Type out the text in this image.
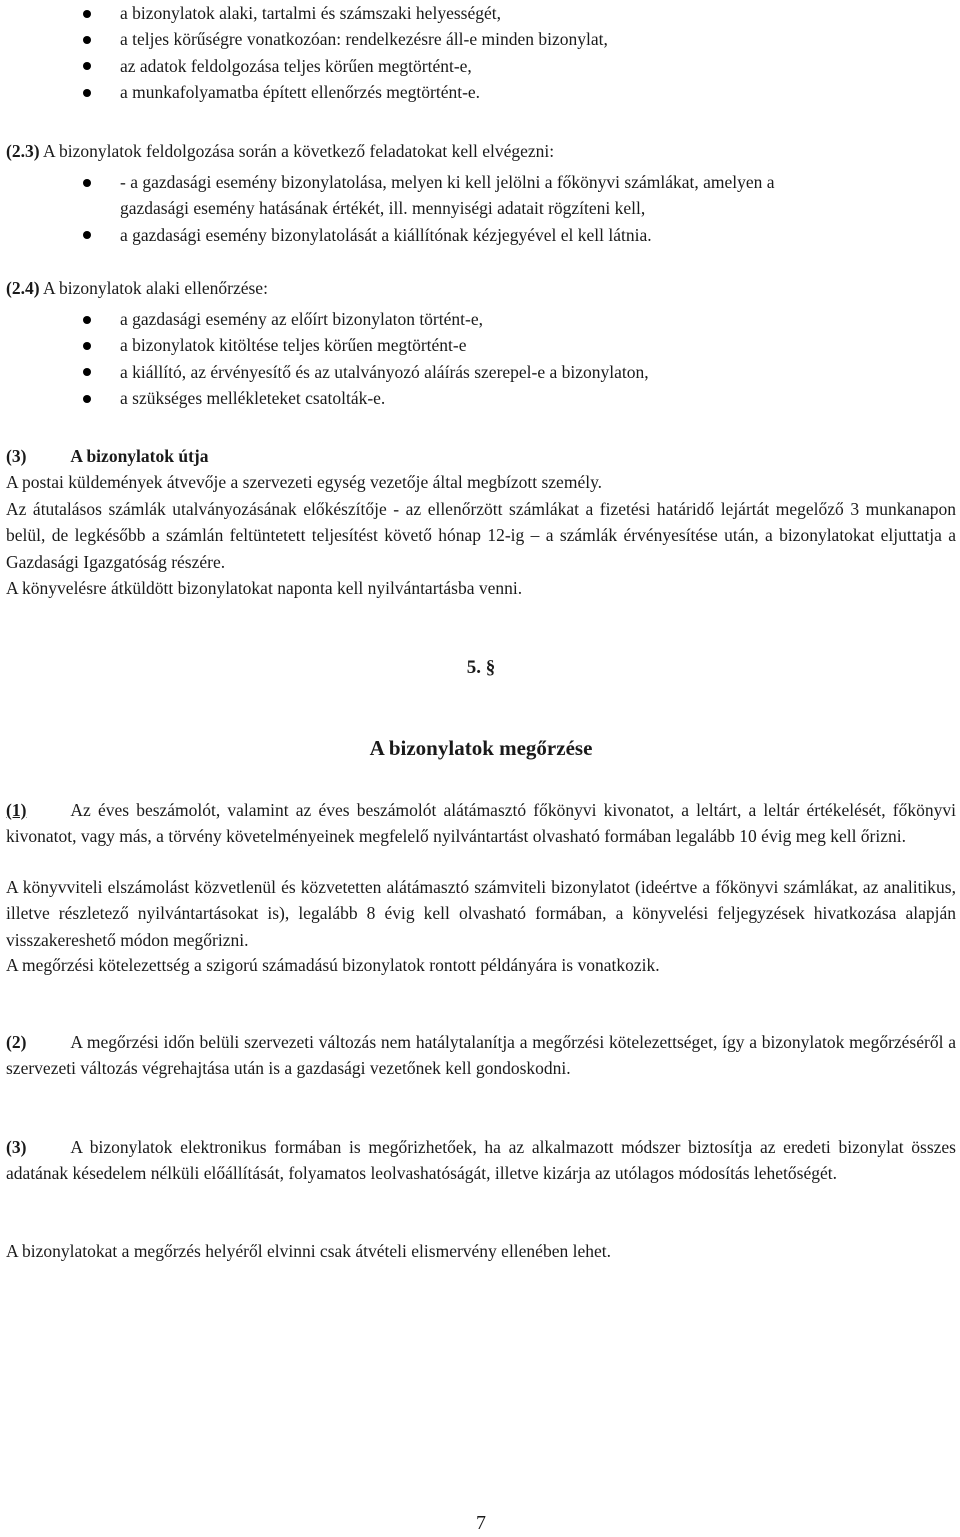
a bizonylatok alaki, tartalmi és számszaki helyességét,
a teljes körűségre vonatkozóan: rendelkezésre áll-e minden bizonylat,
az adatok feldolgozása teljes körűen megtörtént-e,
a munkafolyamatba épített ellenőrzés megtörtént-e.
(2.3) A bizonylatok feldolgozása során a következő feladatokat kell elvégezni:
- a gazdasági esemény bizonylatolása, melyen ki kell jelölni a főkönyvi számlákat, amelyen a
gazdasági esemény hatásának értékét, ill. mennyiségi adatait rögzíteni kell,
a gazdasági esemény bizonylatolását a kiállítónak kézjegyével el kell látnia.
(2.4) A bizonylatok alaki ellenőrzése:
a gazdasági esemény az előírt bizonylaton történt-e,
a bizonylatok kitöltése teljes körűen megtörtént-e
a kiállító, az érvényesítő és az utalványozó aláírás szerepel-e a bizonylaton,
a szükséges mellékleteket csatolták-e.
(3)	A bizonylatok útja
A postai küldemények átvevője a szervezeti egység vezetője által megbízott személy.
Az átutalásos számlák utalványozásának előkészítője - az ellenőrzött számlákat a fizetési határidő lejártát megelőző 3 munkanapon belül, de legkésőbb a számlán feltüntetett teljesítést követő hónap 12-ig – a számlák érvényesítése után, a bizonylatokat eljuttatja a Gazdasági Igazgatóság részére.
A könyvelésre átküldött bizonylatokat naponta kell nyilvántartásba venni.
5. §
A bizonylatok megőrzése
(1)	Az éves beszámolót, valamint az éves beszámolót alátámasztó főkönyvi kivonatot, a leltárt, a leltár értékelését, főkönyvi kivonatot, vagy más, a törvény követelményeinek megfelelő nyilvántartást olvasható formában legalább 10 évig meg kell őrizni.
A könyvviteli elszámolást közvetlenül és közvetetten alátámasztó számviteli bizonylatot (ideértve a főkönyvi számlákat, az analitikus, illetve részletező nyilvántartásokat is), legalább 8 évig kell olvasható formában, a könyvelési feljegyzések hivatkozása alapján visszakereshető módon megőrizni.
A megőrzési kötelezettség a szigorú számadású bizonylatok rontott példányára is vonatkozik.
(2)	A megőrzési időn belüli szervezeti változás nem hatálytalanítja a megőrzési kötelezettséget, így a bizonylatok megőrzéséről a szervezeti változás végrehajtása után is a gazdasági vezetőnek kell gondoskodni.
(3)	A bizonylatok elektronikus formában is megőrizhetőek, ha az alkalmazott módszer biztosítja az eredeti bizonylat összes adatának késedelem nélküli előállítását, folyamatos leolvashatóságát, illetve kizárja az utólagos módosítás lehetőségét.
A bizonylatokat a megőrzés helyéről elvinni csak átvételi elismervény ellenében lehet.
7
